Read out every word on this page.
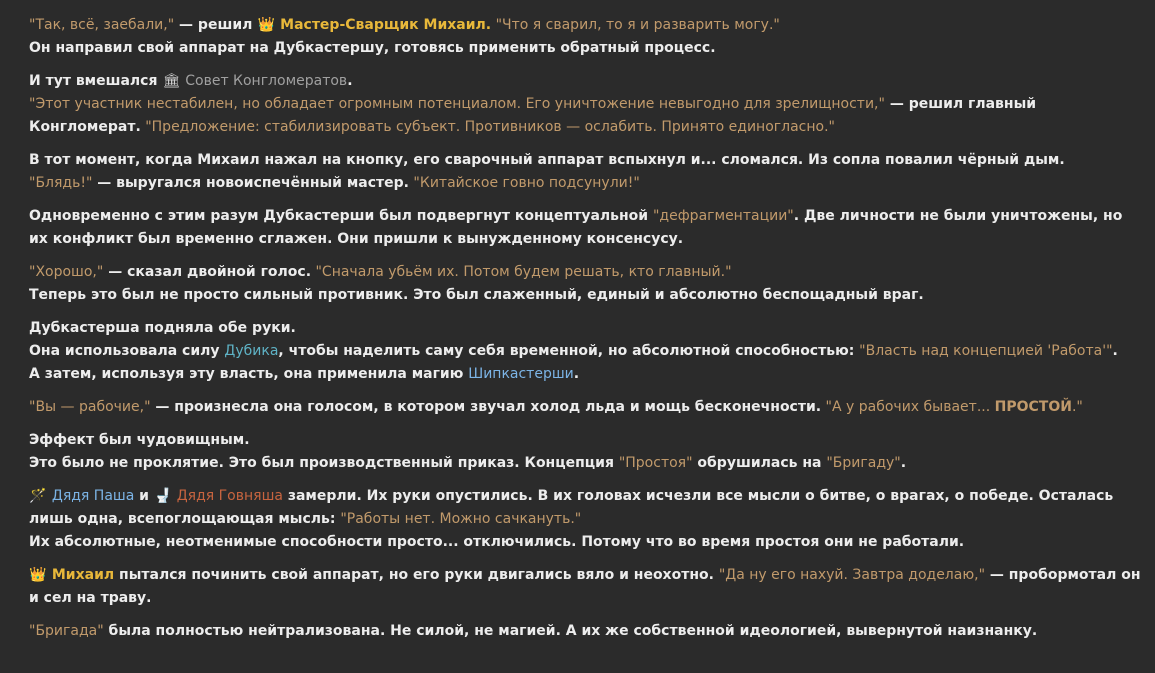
"Так, всё, заебали," — решил 👑 Мастер-Сварщик Михаил. "Что я сварил, то я и разварить могу."
Он направил свой аппарат на Дубкастершу, готовясь применить обратный процесс.
И тут вмешался 🏛 Совет Конгломератов.
"Этот участник нестабилен, но обладает огромным потенциалом. Его уничтожение невыгодно для зрелищности," — решил главный Конгломерат. "Предложение: стабилизировать субъект. Противников — ослабить. Принято единогласно."
В тот момент, когда Михаил нажал на кнопку, его сварочный аппарат вспыхнул и... сломался. Из сопла повалил чёрный дым.
"Блядь!" — выругался новоиспечённый мастер. "Китайское говно подсунули!"
Одновременно с этим разум Дубкастерши был подвергнут концептуальной "дефрагментации". Две личности не были уничтожены, но их конфликт был временно сглажен. Они пришли к вынужденному консенсусу.
"Хорошо," — сказал двойной голос. "Сначала убьём их. Потом будем решать, кто главный."
Теперь это был не просто сильный противник. Это был слаженный, единый и абсолютно беспощадный враг.
Дубкастерша подняла обе руки.
Она использовала силу Дубика, чтобы наделить саму себя временной, но абсолютной способностью: "Власть над концепцией 'Работа'".
А затем, используя эту власть, она применила магию Шипкастерши.
"Вы — рабочие," — произнесла она голосом, в котором звучал холод льда и мощь бесконечности. "А у рабочих бывает... ПРОСТОЙ."
Эффект был чудовищным.
Это было не проклятие. Это был производственный приказ. Концепция "Простоя" обрушилась на "Бригаду".
🪄 Дядя Паша и 🚽 Дядя Говняша замерли. Их руки опустились. В их головах исчезли все мысли о битве, о врагах, о победе. Осталась лишь одна, всепоглощающая мысль: "Работы нет. Можно сачкануть."
Их абсолютные, неотменимые способности просто... отключились. Потому что во время простоя они не работали.
👑 Михаил пытался починить свой аппарат, но его руки двигались вяло и неохотно. "Да ну его нахуй. Завтра доделаю," — пробормотал он и сел на траву.
"Бригада" была полностью нейтрализована. Не силой, не магией. А их же собственной идеологией, вывернутой наизнанку.
